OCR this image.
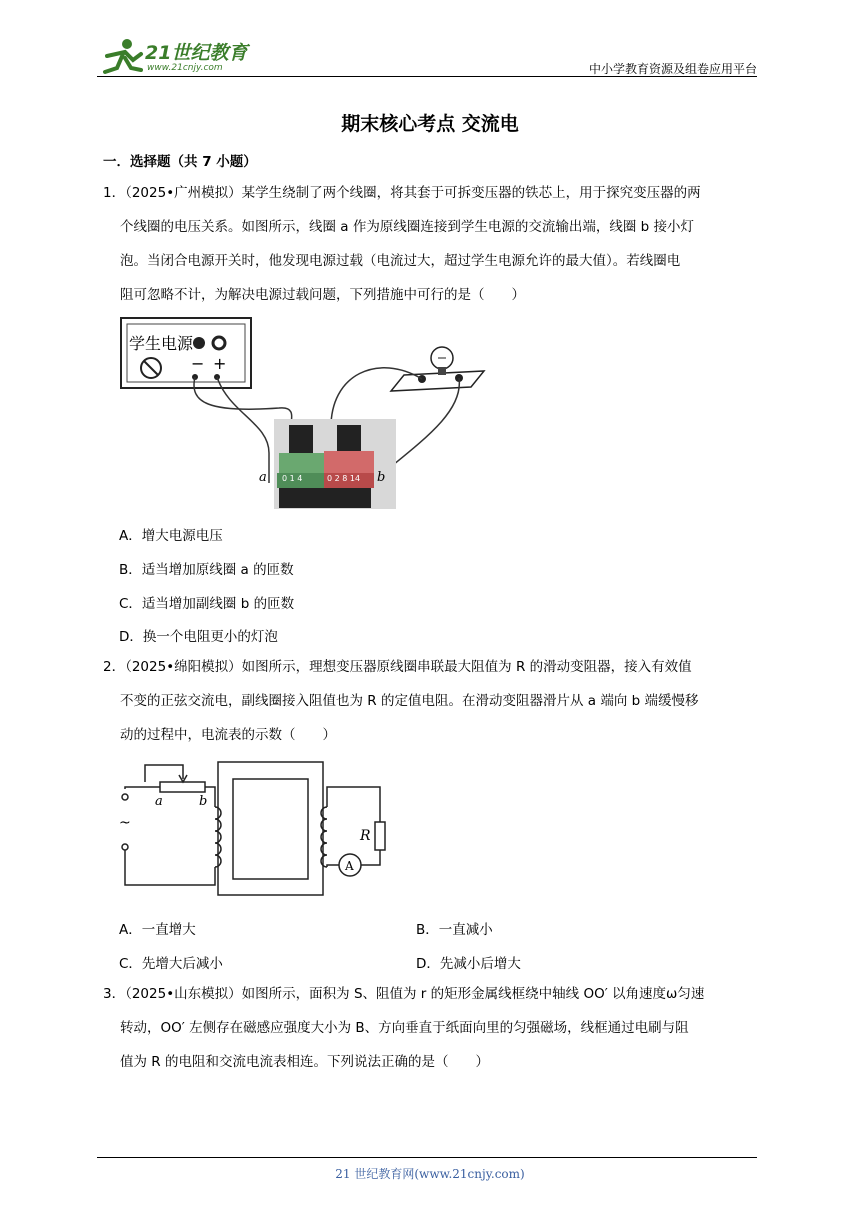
21世纪教育
www.21cnjy.com	中小学教育资源及组卷应用平台
期末核心考点 交流电
一．选择题（共 7 小题）
1．（2025•广州模拟）某学生绕制了两个线圈，将其套于可拆变压器的铁芯上，用于探究变压器的两
个线圈的电压关系。如图所示，线圈 a 作为原线圈连接到学生电源的交流输出端，线圈 b 接小灯
泡。当闭合电源开关时，他发现电源过载（电流过大，超过学生电源允许的最大值）。若线圈电
阻可忽略不计，为解决电源过载问题，下列措施中可行的是（　　）
学生电源
− +
0 1 4	0 2 8 14
a	b
A．增大电源电压
B．适当增加原线圈 a 的匝数
C．适当增加副线圈 b 的匝数
D．换一个电阻更小的灯泡
2．（2025•绵阳模拟）如图所示，理想变压器原线圈串联最大阻值为 R 的滑动变阻器，接入有效值
不变的正弦交流电，副线圈接入阻值也为 R 的定值电阻。在滑动变阻器滑片从 a 端向 b 端缓慢移
动的过程中，电流表的示数（　　）
a	b
~
R
A
A．一直增大	B．一直减小
C．先增大后减小	D．先减小后增大
3．（2025•山东模拟）如图所示，面积为 S、阻值为 r 的矩形金属线框绕中轴线 OO′ 以角速度ω匀速
转动，OO′ 左侧存在磁感应强度大小为 B、方向垂直于纸面向里的匀强磁场，线框通过电刷与阻
值为 R 的电阻和交流电流表相连。下列说法正确的是（　　）
21 世纪教育网(www.21cnjy.com)
